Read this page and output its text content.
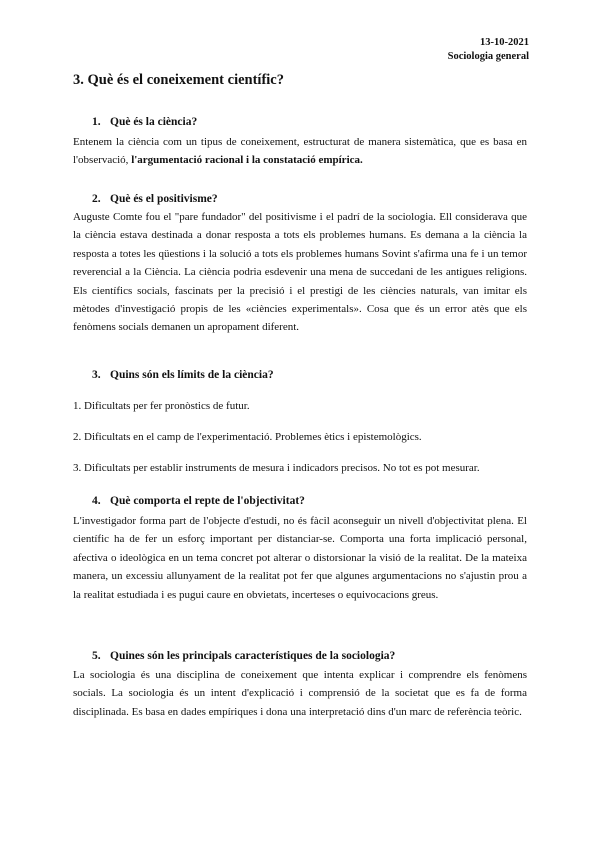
13-10-2021
Sociologia general
3. Què és el coneixement científic?
1. Què és la ciència?

Entenem la ciència com un tipus de coneixement, estructurat de manera sistemàtica, que es basa en l'observació, l'argumentació racional i la constatació empírica.

2. Què és el positivisme?

Auguste Comte fou el "pare fundador" del positivisme i el padrí de la sociologia. Ell considerava que la ciència estava destinada a donar resposta a tots els problemes humans. Es demana a la ciència la resposta a totes les qüestions i la solució a tots els problemes humans Sovint s'afirma una fe i un temor reverencial a la Ciència. La ciència podria esdevenir una mena de succedani de les antigues religions. Els científics socials, fascinats per la precisió i el prestigi de les ciències naturals, van imitar els mètodes d'investigació propis de les «ciències experimentals». Cosa que és un error atès que els fenòmens socials demanen un apropament diferent.

3. Quins són els límits de la ciència?

1. Dificultats per fer pronòstics de futur.

2. Dificultats en el camp de l'experimentació. Problemes ètics i epistemològics.

3. Dificultats per establir instruments de mesura i indicadors precisos. No tot es pot mesurar.

4. Què comporta el repte de l'objectivitat?

L'investigador forma part de l'objecte d'estudi, no és fàcil aconseguir un nivell d'objectivitat plena. El científic ha de fer un esforç important per distanciar-se. Comporta una forta implicació personal, afectiva o ideològica en un tema concret pot alterar o distorsionar la visió de la realitat. De la mateixa manera, un excessiu allunyament de la realitat pot fer que algunes argumentacions no s'ajustin prou a la realitat estudiada i es pugui caure en obvietats, incerteses o equivocacions greus.

5. Quines són les principals característiques de la sociologia?

La sociologia és una disciplina de coneixement que intenta explicar i comprendre els fenòmens socials. La sociologia és un intent d'explicació i comprensió de la societat que es fa de forma disciplinada. Es basa en dades empíriques i dona una interpretació dins d'un marc de referència teòric.
